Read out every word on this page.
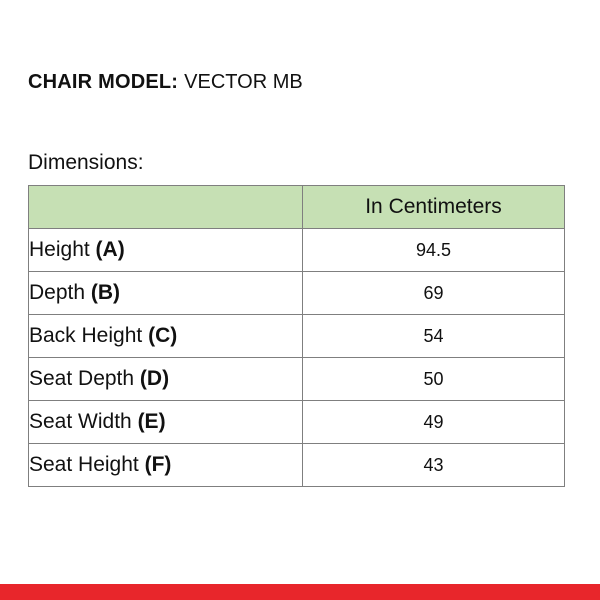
CHAIR MODEL: VECTOR MB
Dimensions:
	In Centimeters
Height (A)	94.5
Depth (B)	69
Back Height (C)	54
Seat Depth (D)	50
Seat Width (E)	49
Seat Height (F)	43
